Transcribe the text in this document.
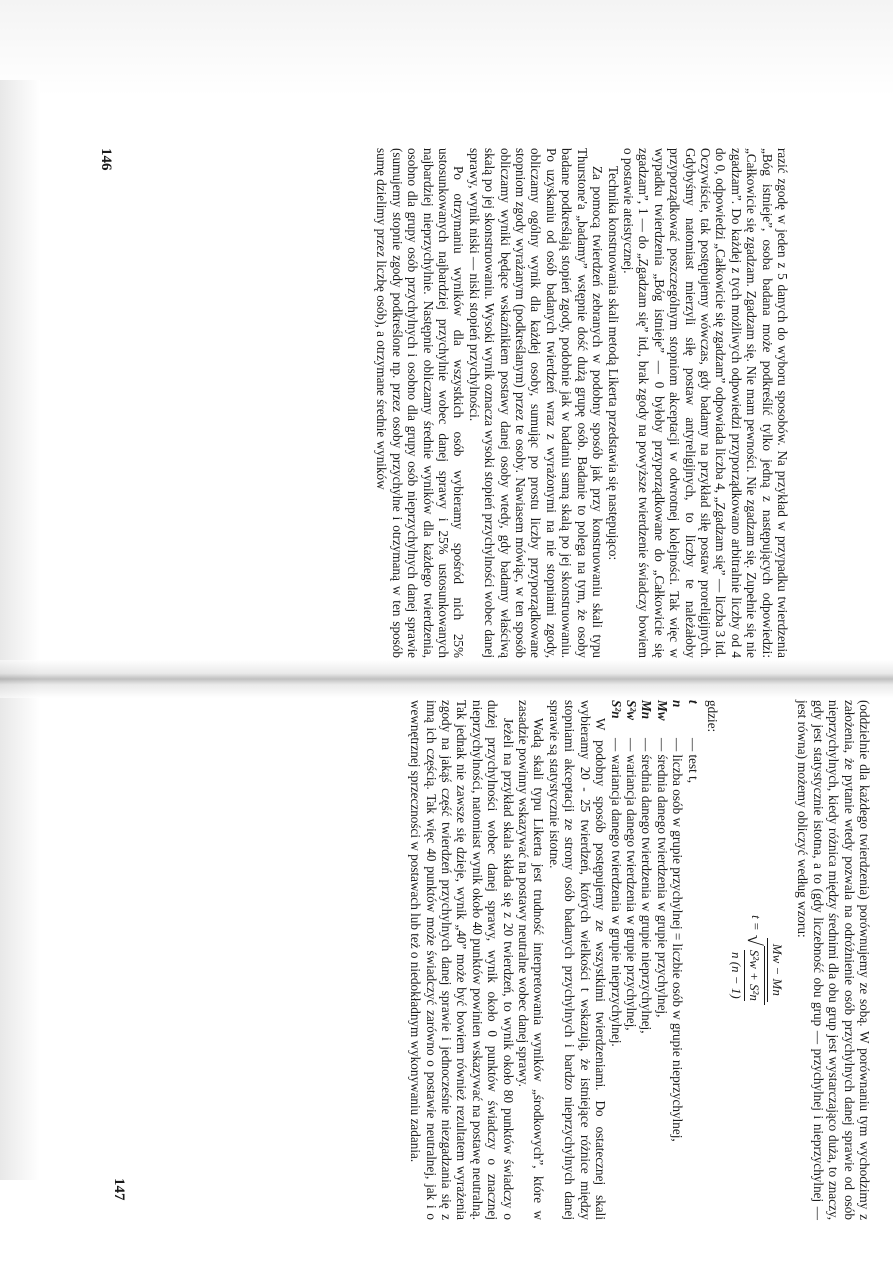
razić zgodę w jeden z 5 danych do wyboru sposobów. Na przykład w przypadku twierdzenia „Bóg istnieje”, osoba badana może podkreślić tylko jedną z następujących odpowiedzi: „Całkowicie się zgadzam. Zgadzam się. Nie mam pewności. Nie zgadzam się. Zupełnie się nie zgadzam”. Do każdej z tych możliwych odpowiedzi przyporządkowano arbitralnie liczby od 4 do 0, odpowiedzi „Całkowicie się zgadzam” odpowiada liczba 4, „Zgadzam się” — liczba 3 itd. Oczywiście, tak postępujemy wówczas, gdy badamy na przykład siłę postaw proreligijnych. Gdybyśmy natomiast mierzyli siłę postaw antyreligijnych, to liczby te należałoby przyporządkować poszczególnym stopniom akceptacji w odwrotnej kolejności. Tak więc w wypadku twierdzenia „Bóg istnieje” — 0 byłoby przyporządkowane do „Całkowicie się zgadzam”, 1 — do „Zgadzam się” itd., brak zgody na powyższe twierdzenie świadczy bowiem o postawie ateistycznej.

Technika konstruowania skali metodą Likerta przedstawia się następująco:

Za pomocą twierdzeń zebranych w podobny sposób jak przy konstruowaniu skali typu Thurstone'a „badamy” wstępnie dość dużą grupę osób. Badanie to polega na tym, że osoby badane podkreślają stopień zgody, podobnie jak w badaniu samą skalą po jej skonstruowaniu. Po uzyskaniu od osób badanych twierdzeń wraz z wyrażonymi na nie stopniami zgody, obliczamy ogólny wynik dla każdej osoby, sumując po prostu liczby przyporządkowane stopniom zgody wyrażanym (podkreślanym) przez te osoby. Nawiasem mówiąc, w ten sposób obliczamy wyniki będące wskaźnikiem postawy danej osoby wtedy, gdy badamy właściwą skalą po jej skonstruowaniu. Wysoki wynik oznacza wysoki stopień przychylności wobec danej sprawy, wynik niski — niski stopień przychylności.

Po otrzymaniu wyników dla wszystkich osób wybieramy spośród nich 25% ustosunkowanych najbardziej przychylnie wobec danej sprawy i 25% ustosunkowanych najbardziej nieprzychylnie. Następnie obliczamy średnie wyników dla każdego twierdzenia, osobno dla grupy osób przychylnych i osobno dla grupy osób nieprzychylnych danej sprawie (sumujemy stopnie zgody podkreślone np. przez osoby przychylne i otrzymaną w ten sposób sumę dzielimy przez liczbę osób), a otrzymane średnie wyników

146

(oddzielnie dla każdego twierdzenia) porównujemy ze sobą. W porównaniu tym wychodzimy z założenia, że pytanie wtedy pozwala na odróżnienie osób przychylnych danej sprawie od osób nieprzychylnych, kiedy różnica między średnimi dla obu grup jest wystarczająco duża, to znaczy, gdy jest statystycznie istotna, a to (gdy liczebność obu grup — przychylnej i nieprzychylnej — jest równa) możemy obliczyć według wzoru:

t =
Mw − Mn
√
S²w + S²n
n (n − 1)
gdzie:
t
— test t,
n
— liczba osób w grupie przychylnej = liczbie osób w grupie nieprzychylnej,
Mw
— średnia danego twierdzenia w grupie przychylnej,
Mn
— średnia danego twierdzenia w grupie nieprzychylnej,
S²w
— wariancja danego twierdzenia w grupie przychylnej,
S²n
— wariancja danego twierdzenia w grupie nieprzychylnej.

W podobny sposób postępujemy ze wszystkimi twierdzeniami. Do ostatecznej skali wybieramy 20 - 25 twierdzeń, których wielkości t wskazują, że istniejące różnice między stopniami akceptacji ze strony osób badanych przychylnych i bardzo nieprzychylnych danej sprawie są statystycznie istotne.

Wadą skali typu Likerta jest trudność interpretowania wyników „środkowych”, które w zasadzie powinny wskazywać na postawy neutralne wobec danej sprawy.

Jeżeli na przykład skala składa się z 20 twierdzeń, to wynik około 80 punktów świadczy o dużej przychylności wobec danej sprawy, wynik około 0 punktów świadczy o znacznej nieprzychylności, natomiast wynik około 40 punktów powinien wskazywać na postawę neutralną. Tak jednak nie zawsze się dzieje, wynik „40” może być bowiem również rezultatem wyrażenia zgody na jakąś część twierdzeń przychylnych danej sprawie i jednocześnie niezgadzania się z inną ich częścią. Tak więc 40 punktów może świadczyć zarówno o postawie neutralnej, jak i o wewnętrznej sprzeczności w postawach lub też o niedokładnym wykonywaniu zadania.

147
